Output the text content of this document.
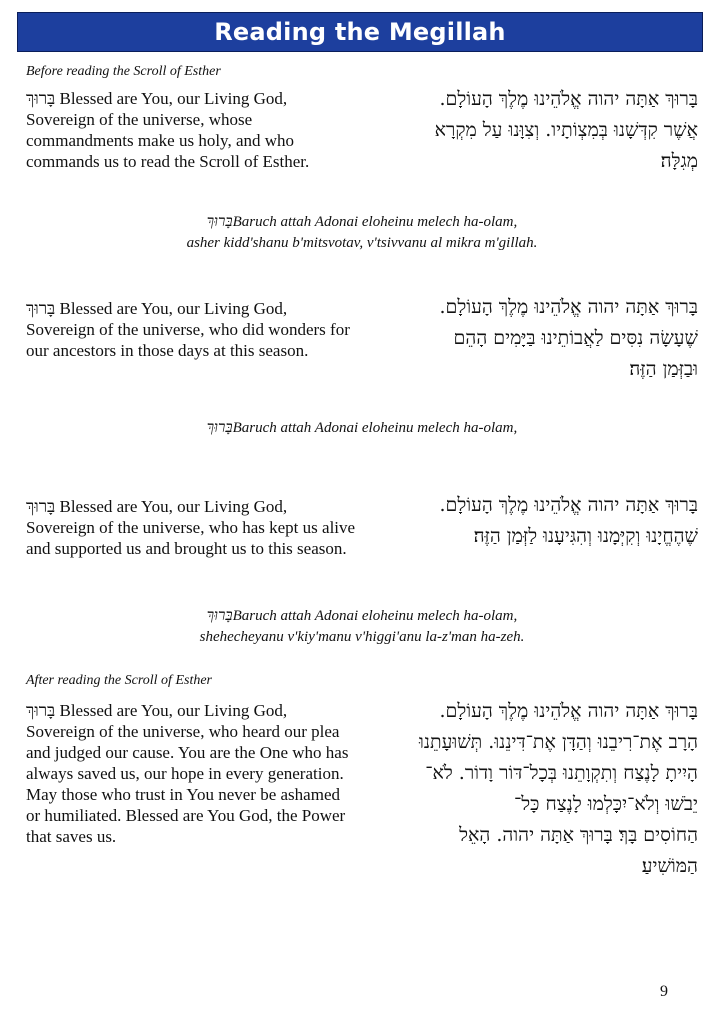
Reading the Megillah
Before reading the Scroll of Esther
בָּרוּךְ Blessed are You, our Living God, Sovereign of the universe, whose commandments make us holy, and who commands us to read the Scroll of Esther.
בָּרוּךְ אַתָּה יהוה אֱלֹהֵינוּ מֶלֶךְ הָעוֹלָם.
אֲשֶׁר קִדְּשָׁנוּ בְּמִצְוֹתָיו. וְצִוָּנוּ עַל מִקְרָא
מְגִלָּה׃
בָּרוּךְBaruch attah Adonai eloheinu melech ha-olam,
asher kidd'shanu b'mitsvotav, v'tsivvanu al mikra m'gillah.
בָּרוּךְ Blessed are You, our Living God, Sovereign of the universe, who did wonders for our ancestors in those days at this season.
בָּרוּךְ אַתָּה יהוה אֱלֹהֵינוּ מֶלֶךְ הָעוֹלָם.
שֶׁעָשָׂה נִסִּים לַאֲבוֹתֵינוּ בַּיָּמִים הָהֵם
וּבַזְּמַן הַזֶּה׃
בָּרוּךְBaruch attah Adonai eloheinu melech ha-olam,
בָּרוּךְ Blessed are You, our Living God, Sovereign of the universe, who has kept us alive and supported us and brought us to this season.
בָּרוּךְ אַתָּה יהוה אֱלֹהֵינוּ מֶלֶךְ הָעוֹלָם.
שֶׁהֶחֱיָנוּ וְקִיְּמָנוּ וְהִגִּיעָנוּ לַזְּמַן הַזֶּה׃
בָּרוּךְBaruch attah Adonai eloheinu melech ha-olam,
shehecheyanu v'kiy'manu v'higgi'anu la-z'man ha-zeh.
After reading the Scroll of Esther
בָּרוּךְ Blessed are You, our Living God, Sovereign of the universe, who heard our plea and judged our cause. You are the One who has always saved us, our hope in every generation. May those who trust in You never be ashamed or humiliated. Blessed are You God, the Power that saves us.
בָּרוּךְ אַתָּה יהוה אֱלֹהֵינוּ מֶלֶךְ הָעוֹלָם.
הָרָב אֶת־רִיבֵנוּ וְהַדָּן אֶת־דִּינֵנוּ. תְּשׁוּעָתֵנוּ
הָיִיתָ לָנֶצַח וְתִקְוָתֵנוּ בְּכָל־דּוֹר וָדוֹר. לֹא־
יֵבֹשׁוּ וְלֹא־יִכָּלְמוּ לָנֶצַח כָּל־
הַחוֹסִים בָּךְ׃ בָּרוּךְ אַתָּה יהוה. הָאֵל
הַמּוֹשִׁיעַ׃
9
